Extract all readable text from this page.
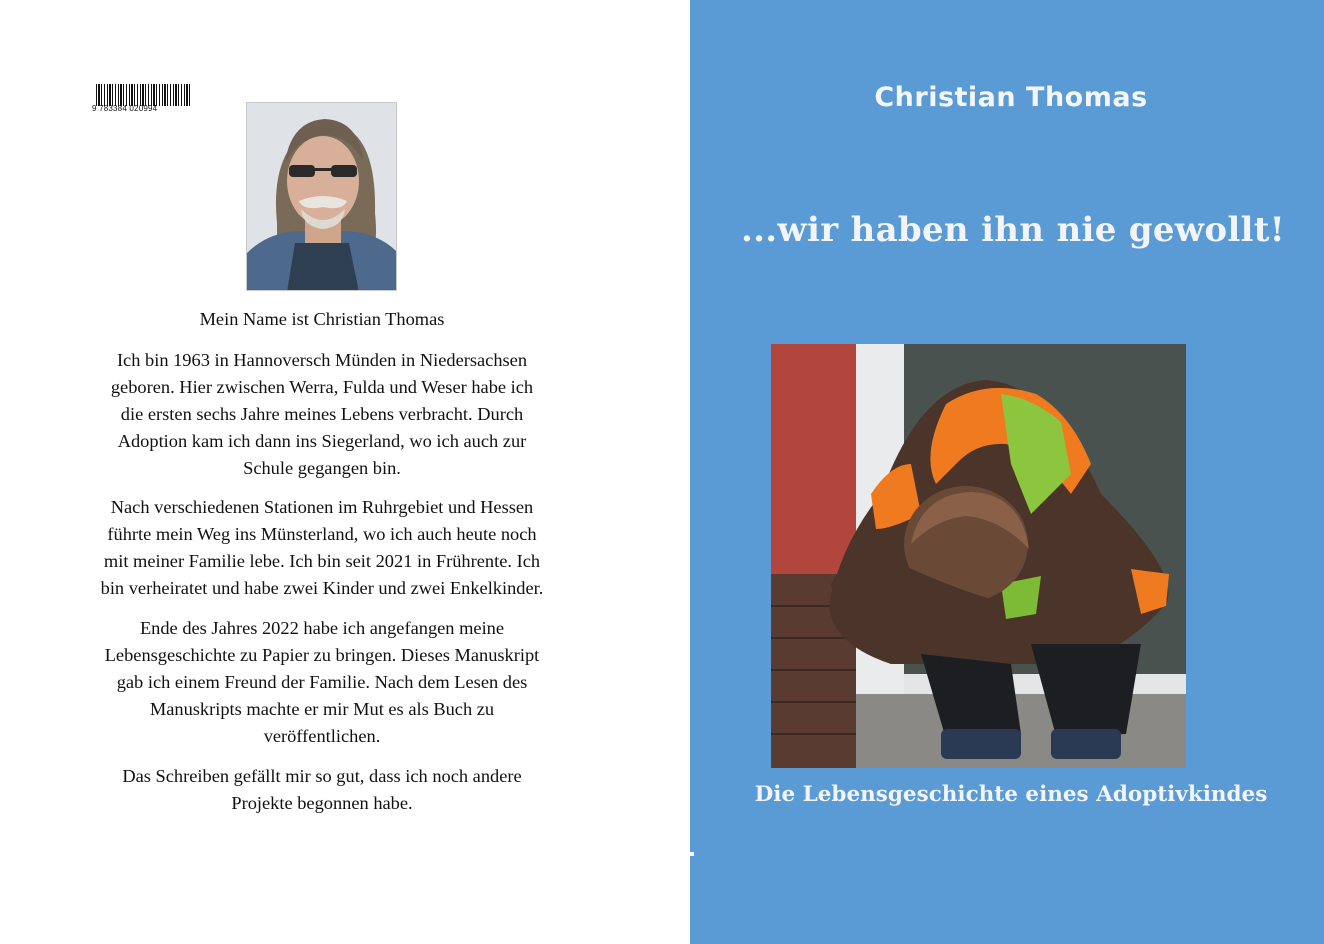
9 783384 020994

Mein Name ist Christian Thomas

Ich bin 1963 in Hannoversch Münden in Niedersachsen geboren. Hier zwischen Werra, Fulda und Weser habe ich die ersten sechs Jahre meines Lebens verbracht. Durch Adoption kam ich dann ins Siegerland, wo ich auch zur Schule gegangen bin.

Nach verschiedenen Stationen im Ruhrgebiet und Hessen führte mein Weg ins Münsterland, wo ich auch heute noch mit meiner Familie lebe. Ich bin seit 2021 in Frührente. Ich bin verheiratet und habe zwei Kinder und zwei Enkelkinder.

Ende des Jahres 2022 habe ich angefangen meine Lebensgeschichte zu Papier zu bringen. Dieses Manuskript gab ich einem Freund der Familie. Nach dem Lesen des Manuskripts machte er mir Mut es als Buch zu veröffentlichen.

Das Schreiben gefällt mir so gut, dass ich noch andere Projekte begonnen habe.

Christian Thomas
...wir haben ihn nie gewollt!
Die Lebensgeschichte eines Adoptivkindes
